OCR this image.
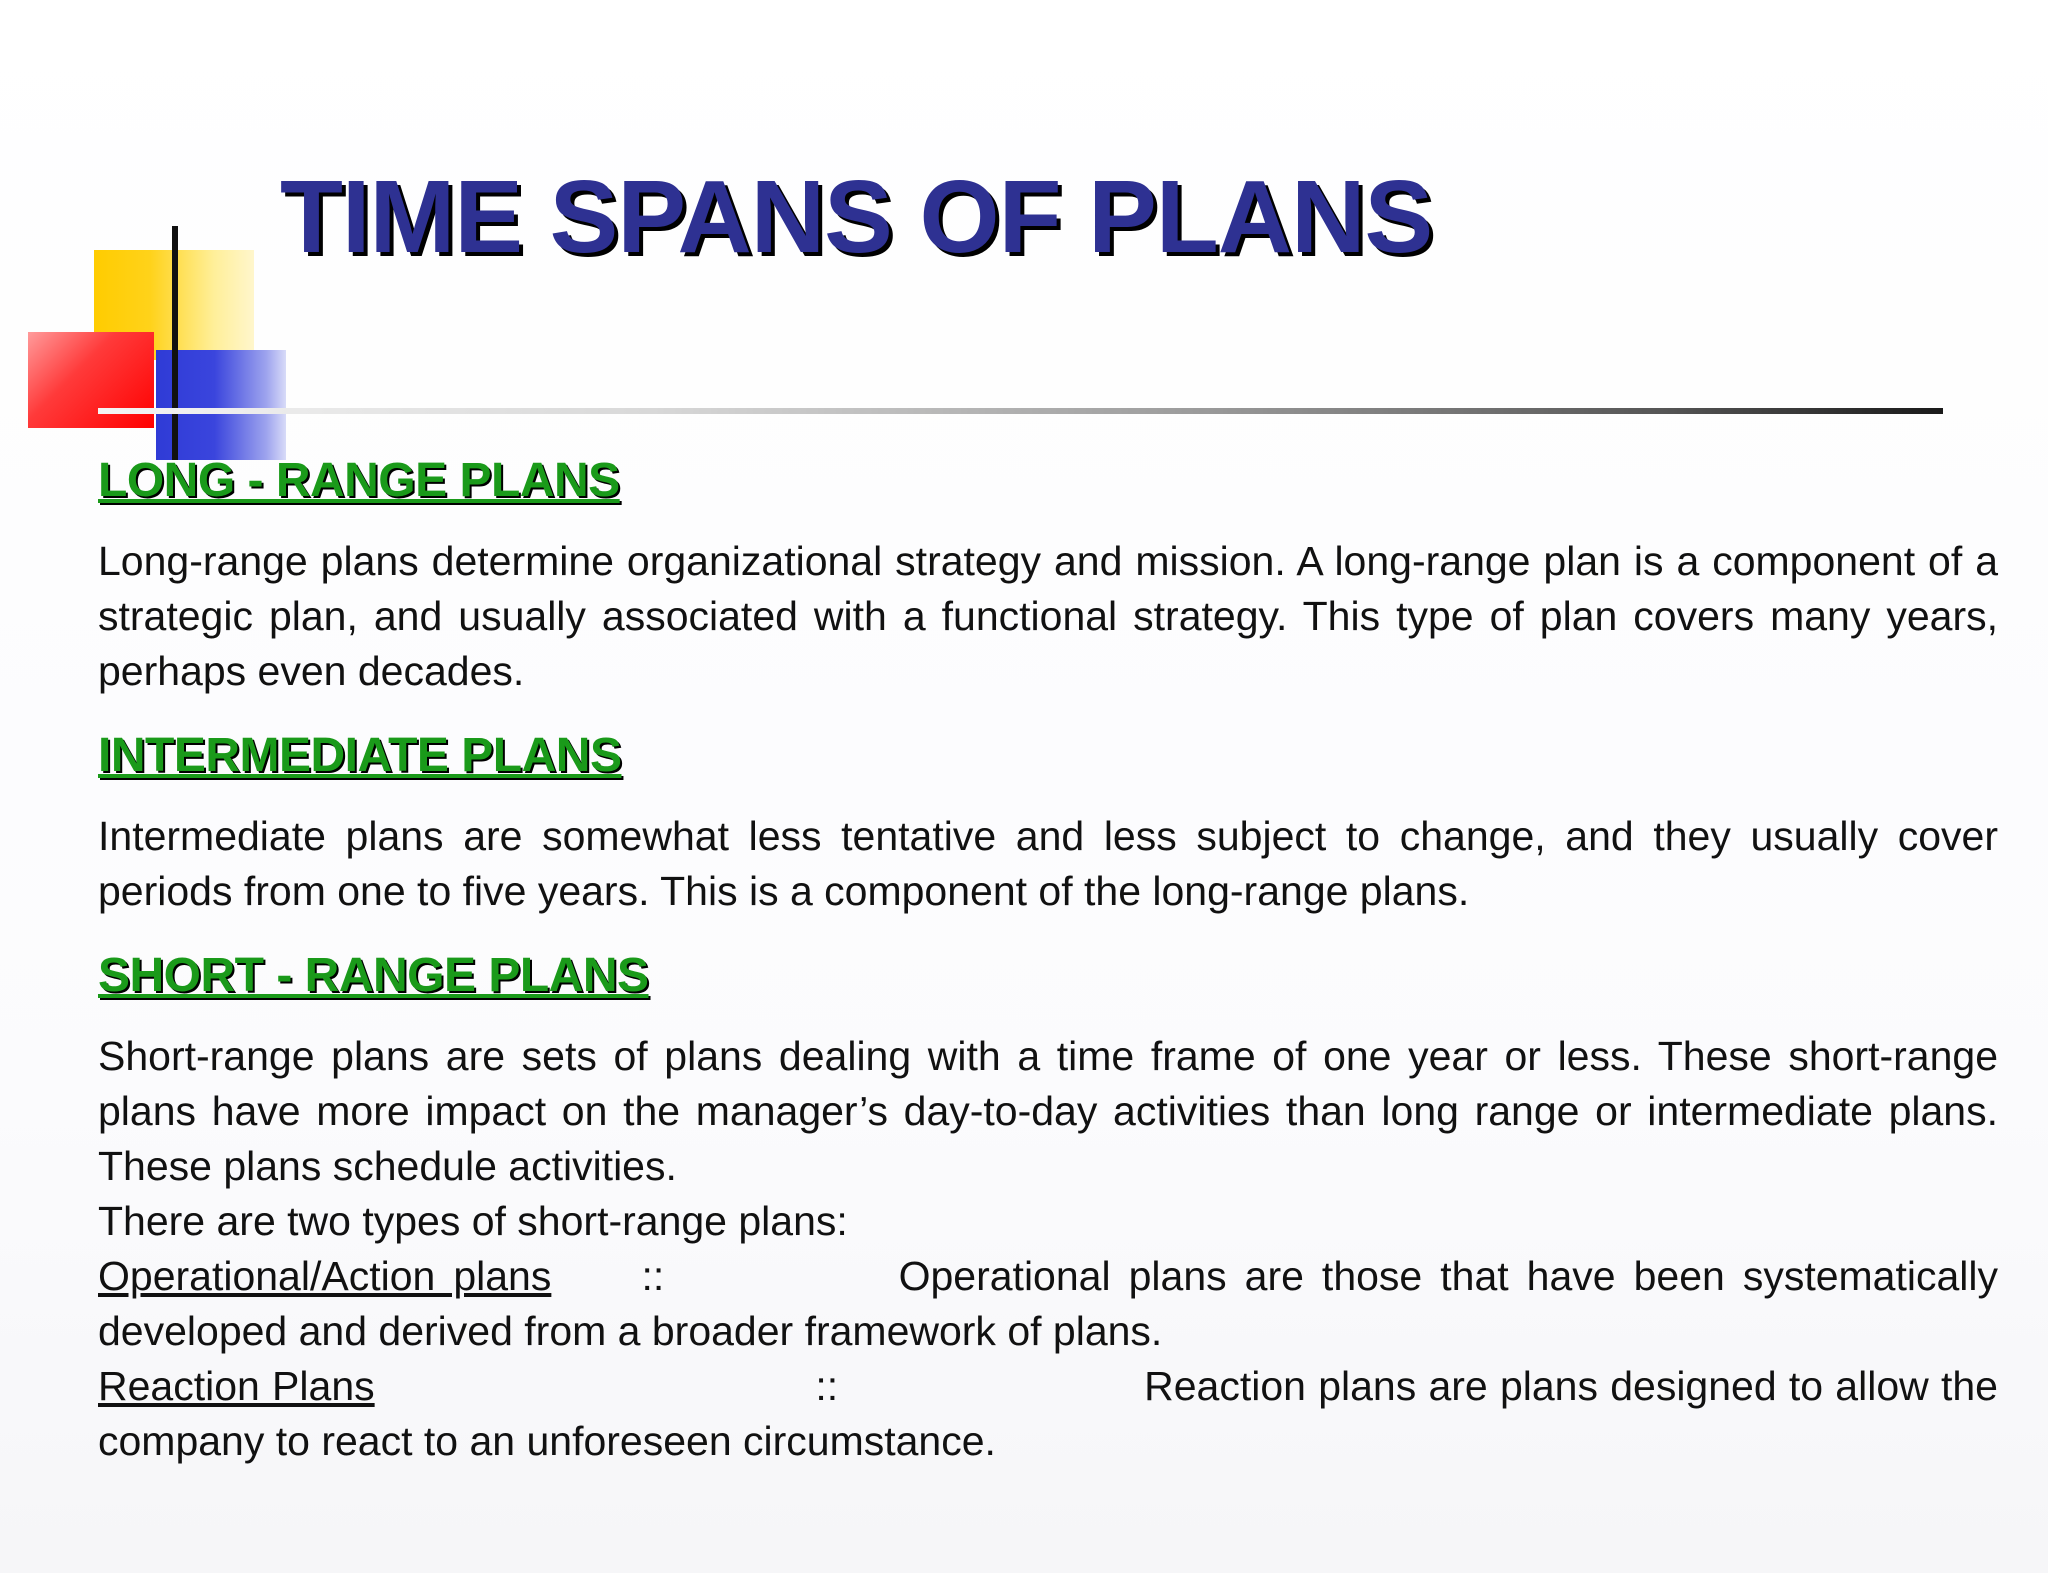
TIME SPANS OF PLANS

LONG - RANGE PLANS

Long-range plans determine organizational strategy and mission. A long-range plan is a component of a strategic plan, and usually associated with a functional strategy. This type of plan covers many years, perhaps even decades.

INTERMEDIATE PLANS

Intermediate plans are somewhat less tentative and less subject to change, and they usually cover periods from one to five years. This is a component of the long-range plans.

SHORT - RANGE PLANS

Short-range plans are sets of plans dealing with a time frame of one year or less. These short-range plans have more impact on the manager’s day-to-day activities than long range or intermediate plans. These plans schedule activities.

There are two types of short-range plans:

Operational/Action plans ::	Operational plans are those that have been systematically developed and derived from a broader framework of plans.

Reaction Plans	::	Reaction plans are plans designed to allow the company to react to an unforeseen circumstance.
